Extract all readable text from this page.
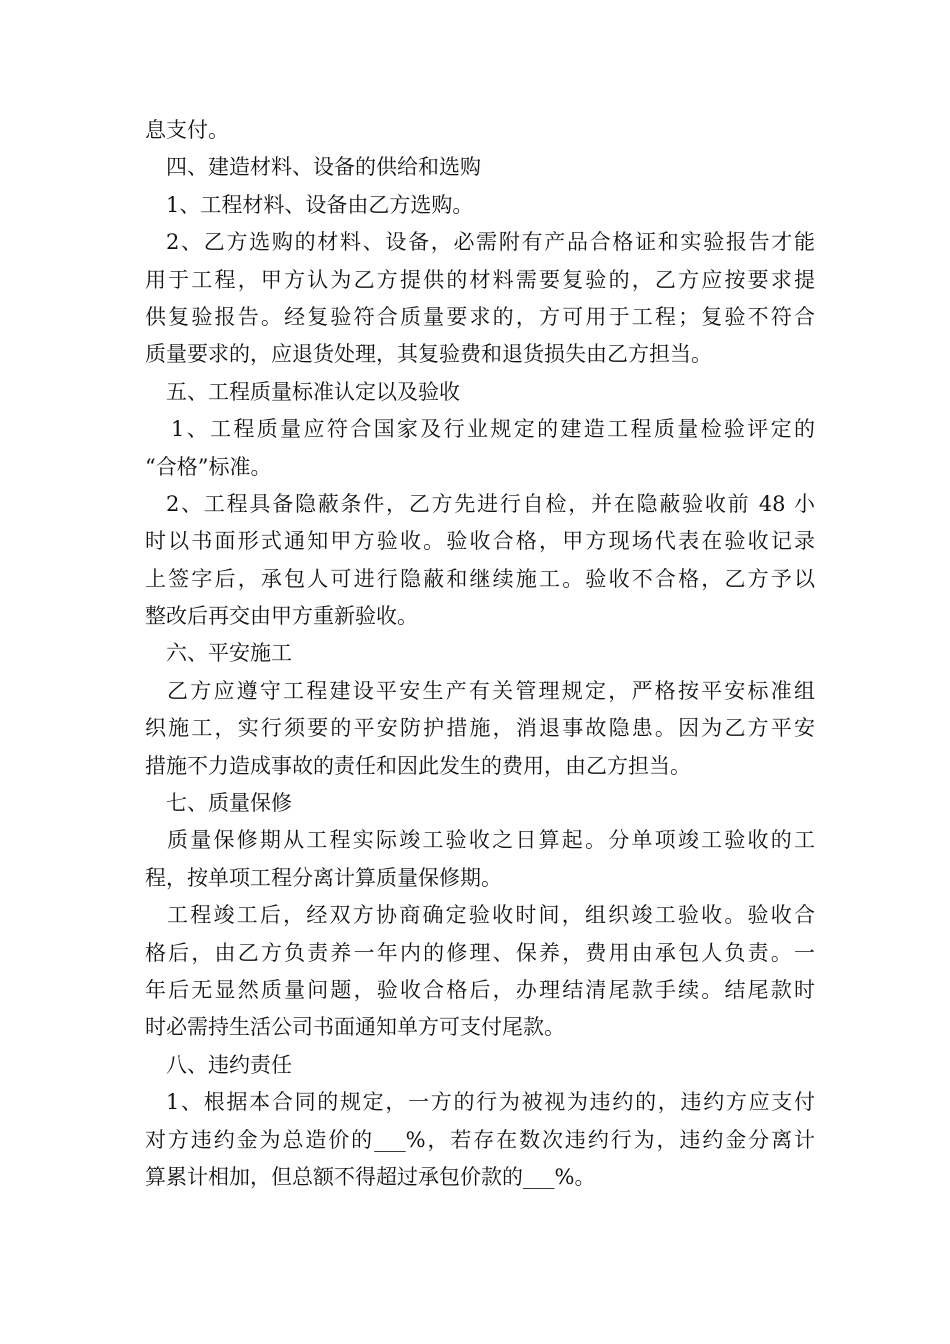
息支付。
四、建造材料、设备的供给和选购
1、工程材料、设备由乙方选购。
2、乙方选购的材料、设备，必需附有产品合格证和实验报告才能
用于工程，甲方认为乙方提供的材料需要复验的，乙方应按要求提
供复验报告。经复验符合质量要求的，方可用于工程；复验不符合
质量要求的，应退货处理，其复验费和退货损失由乙方担当。
五、工程质量标准认定以及验收
1、工程质量应符合国家及行业规定的建造工程质量检验评定的
“合格”标准。
2、工程具备隐蔽条件，乙方先进行自检，并在隐蔽验收前 48 小
时以书面形式通知甲方验收。验收合格，甲方现场代表在验收记录
上签字后，承包人可进行隐蔽和继续施工。验收不合格，乙方予以
整改后再交由甲方重新验收。
六、平安施工
乙方应遵守工程建设平安生产有关管理规定，严格按平安标准组
织施工，实行须要的平安防护措施，消退事故隐患。因为乙方平安
措施不力造成事故的责任和因此发生的费用，由乙方担当。
七、质量保修
质量保修期从工程实际竣工验收之日算起。分单项竣工验收的工
程，按单项工程分离计算质量保修期。
工程竣工后，经双方协商确定验收时间，组织竣工验收。验收合
格后，由乙方负责养一年内的修理、保养，费用由承包人负责。一
年后无显然质量问题，验收合格后，办理结清尾款手续。结尾款时
时必需持生活公司书面通知单方可支付尾款。
八、违约责任
1、根据本合同的规定，一方的行为被视为违约的，违约方应支付
对方违约金为总造价的___%，若存在数次违约行为，违约金分离计
算累计相加，但总额不得超过承包价款的___%。
